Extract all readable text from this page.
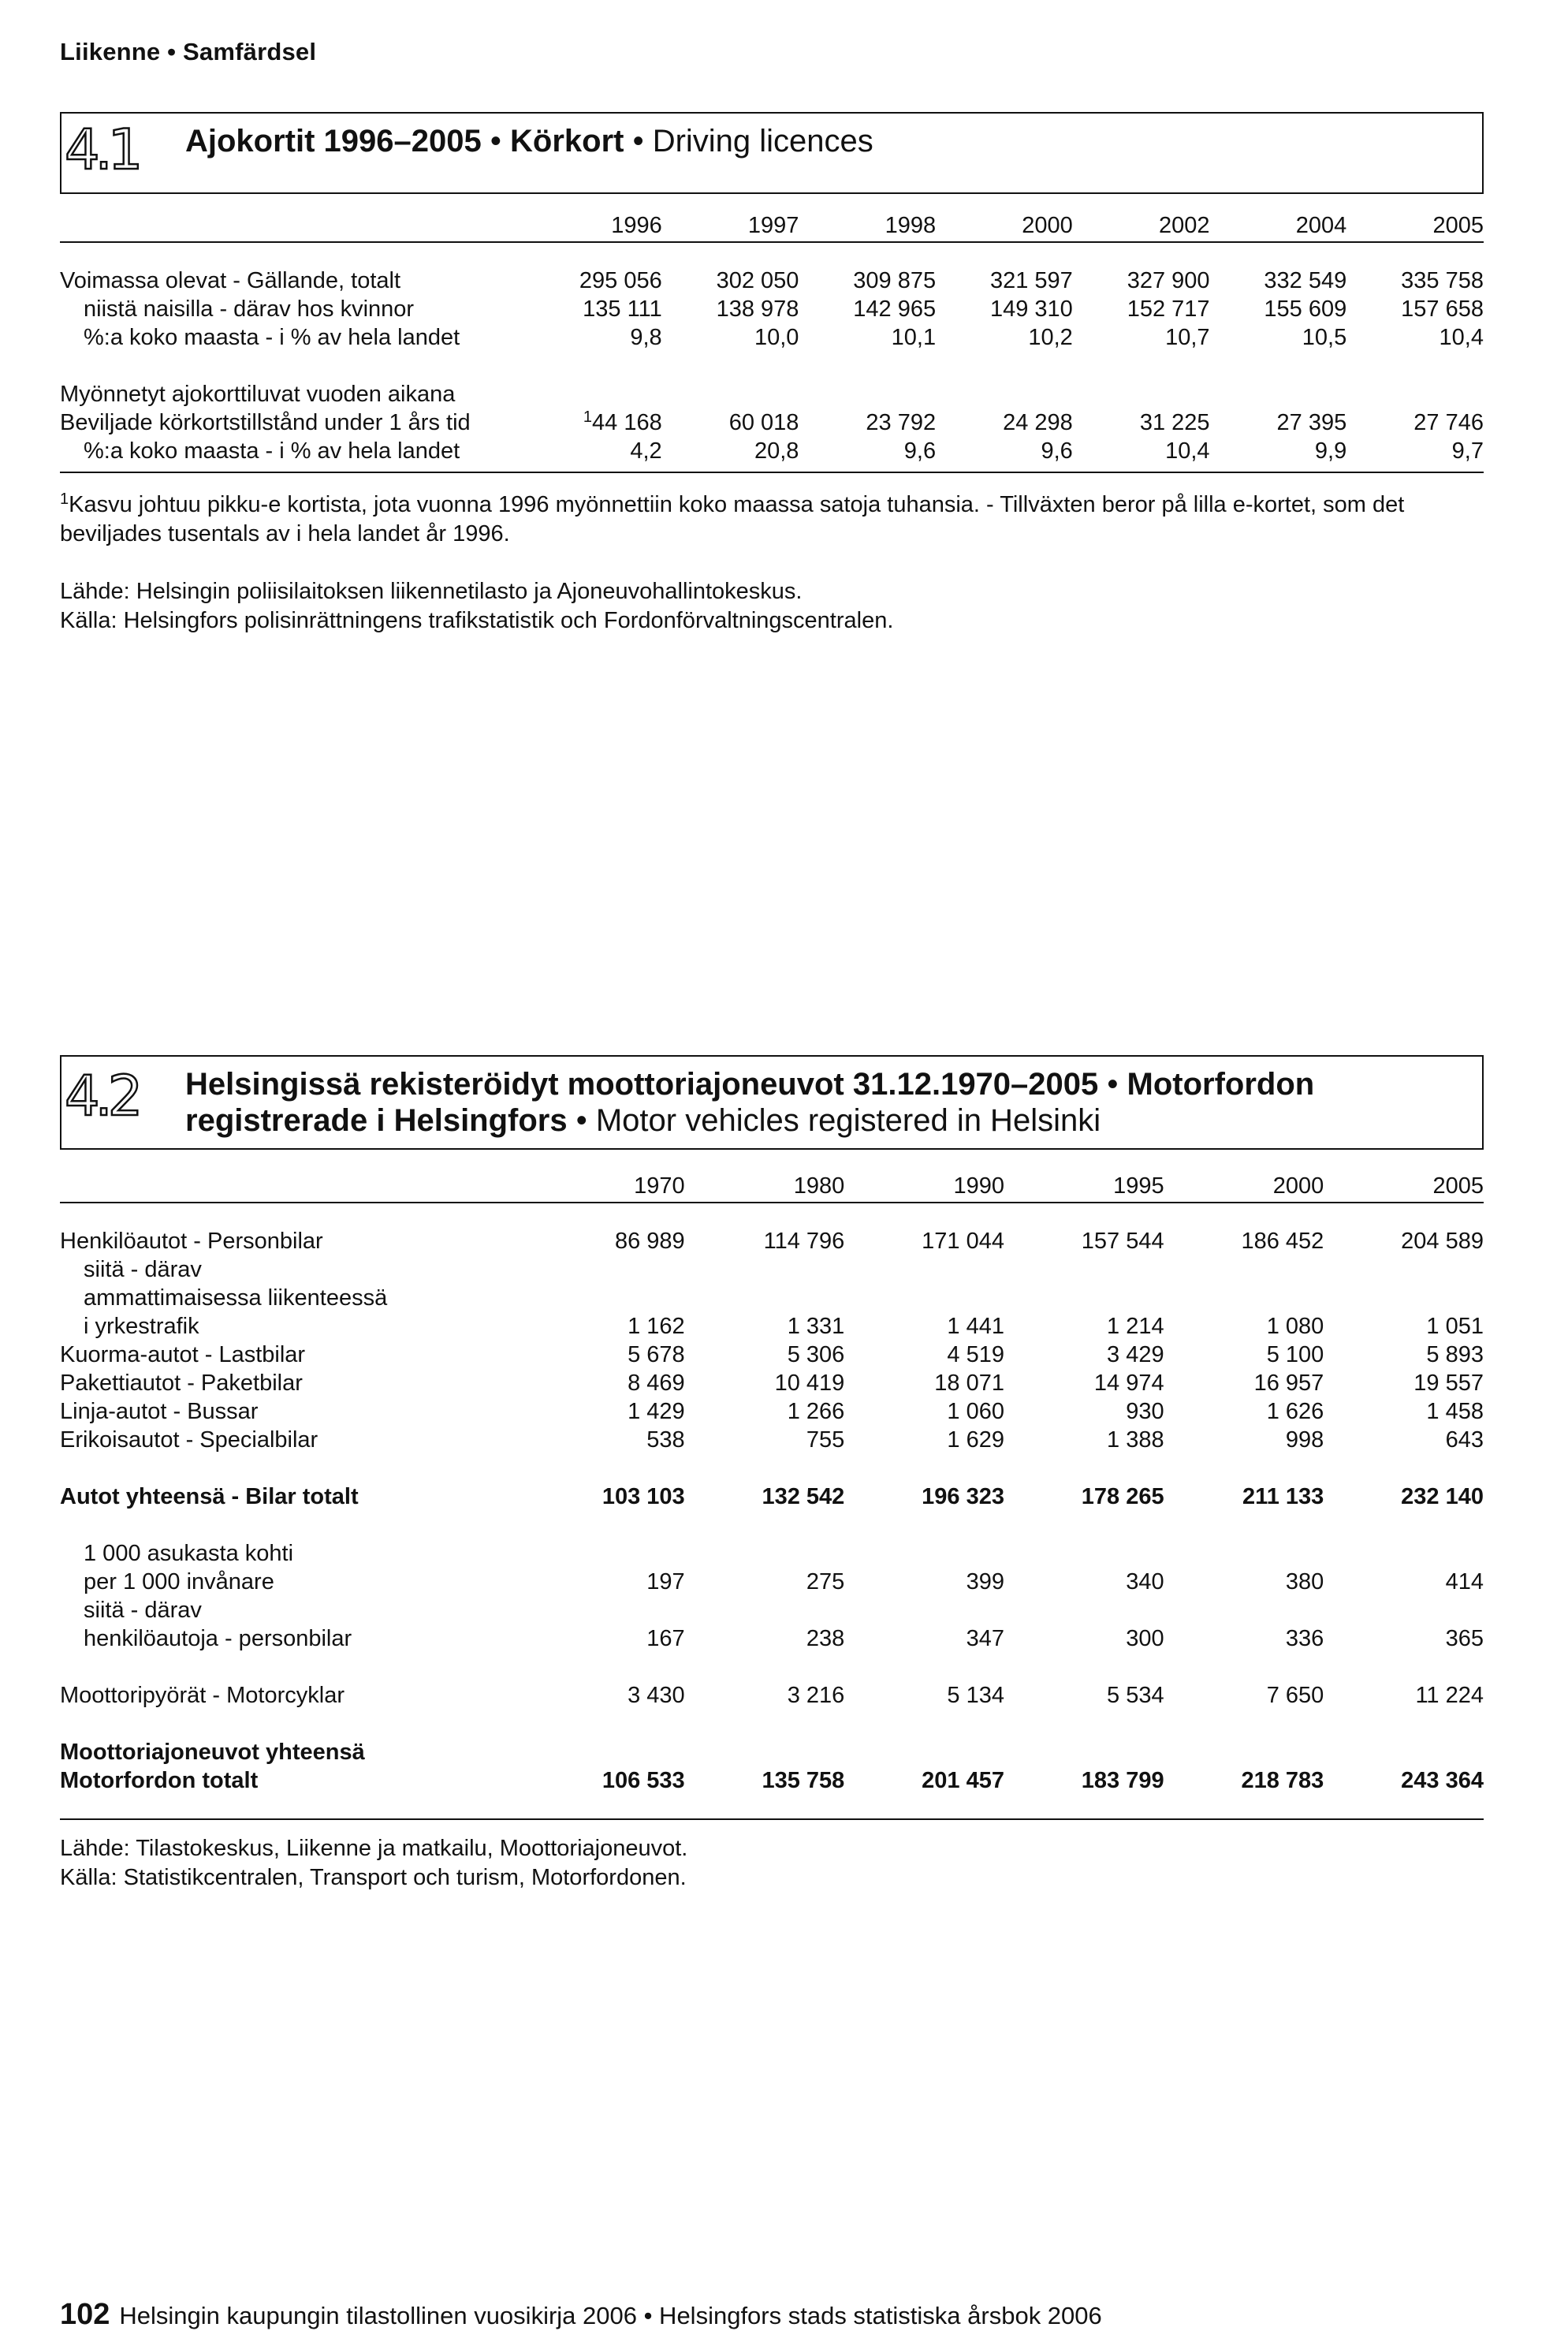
Liikenne • Samfärdsel
4.1	Ajokortit 1996–2005 • Körkort • Driving licences
	1996	1997	1998	2000	2002	2004	2005

Voimassa olevat - Gällande, totalt	295 056	302 050	309 875	321 597	327 900	332 549	335 758
niistä naisilla - därav hos kvinnor	135 111	138 978	142 965	149 310	152 717	155 609	157 658
%:a koko maasta - i % av hela landet	9,8	10,0	10,1	10,2	10,7	10,5	10,4

Myönnetyt ajokorttiluvat vuoden aikana							
Beviljade körkortstillstånd under 1 års tid	$^1$44 168	60 018	23 792	24 298	31 225	27 395	27 746
%:a koko maasta - i % av hela landet	4,2	20,8	9,6	9,6	10,4	9,9	9,7
$^1$Kasvu johtuu pikku-e kortista, jota vuonna 1996 myönnettiin koko maassa satoja tuhansia. - Tillväxten beror på lilla e-kortet, som det beviljades tusentals av i hela landet år 1996.
Lähde: Helsingin poliisilaitoksen liikennetilasto ja Ajoneuvohallintokeskus.
Källa: Helsingfors polisinrättningens trafikstatistik och Fordonförvaltningscentralen.
4.2	Helsingissä rekisteröidyt moottoriajoneuvot 31.12.1970–2005 • Motorfordon registrerade i Helsingfors • Motor vehicles registered in Helsinki
	1970	1980	1990	1995	2000	2005

Henkilöautot - Personbilar	86 989	114 796	171 044	157 544	186 452	204 589
siitä - därav						
ammattimaisessa liikenteessä						
i yrkestrafik	1 162	1 331	1 441	1 214	1 080	1 051
Kuorma-autot - Lastbilar	5 678	5 306	4 519	3 429	5 100	5 893
Pakettiautot - Paketbilar	8 469	10 419	18 071	14 974	16 957	19 557
Linja-autot - Bussar	1 429	1 266	1 060	930	1 626	1 458
Erikoisautot - Specialbilar	538	755	1 629	1 388	998	643

Autot yhteensä - Bilar totalt	103 103	132 542	196 323	178 265	211 133	232 140

1 000 asukasta kohti						
per 1 000 invånare	197	275	399	340	380	414
siitä - därav						
henkilöautoja - personbilar	167	238	347	300	336	365

Moottoripyörät - Motorcyklar	3 430	3 216	5 134	5 534	7 650	11 224

Moottoriajoneuvot yhteensä						
Motorfordon totalt	106 533	135 758	201 457	183 799	218 783	243 364
Lähde: Tilastokeskus, Liikenne ja matkailu, Moottoriajoneuvot.
Källa: Statistikcentralen, Transport och turism, Motorfordonen.
102 Helsingin kaupungin tilastollinen vuosikirja 2006 • Helsingfors stads statistiska årsbok 2006
